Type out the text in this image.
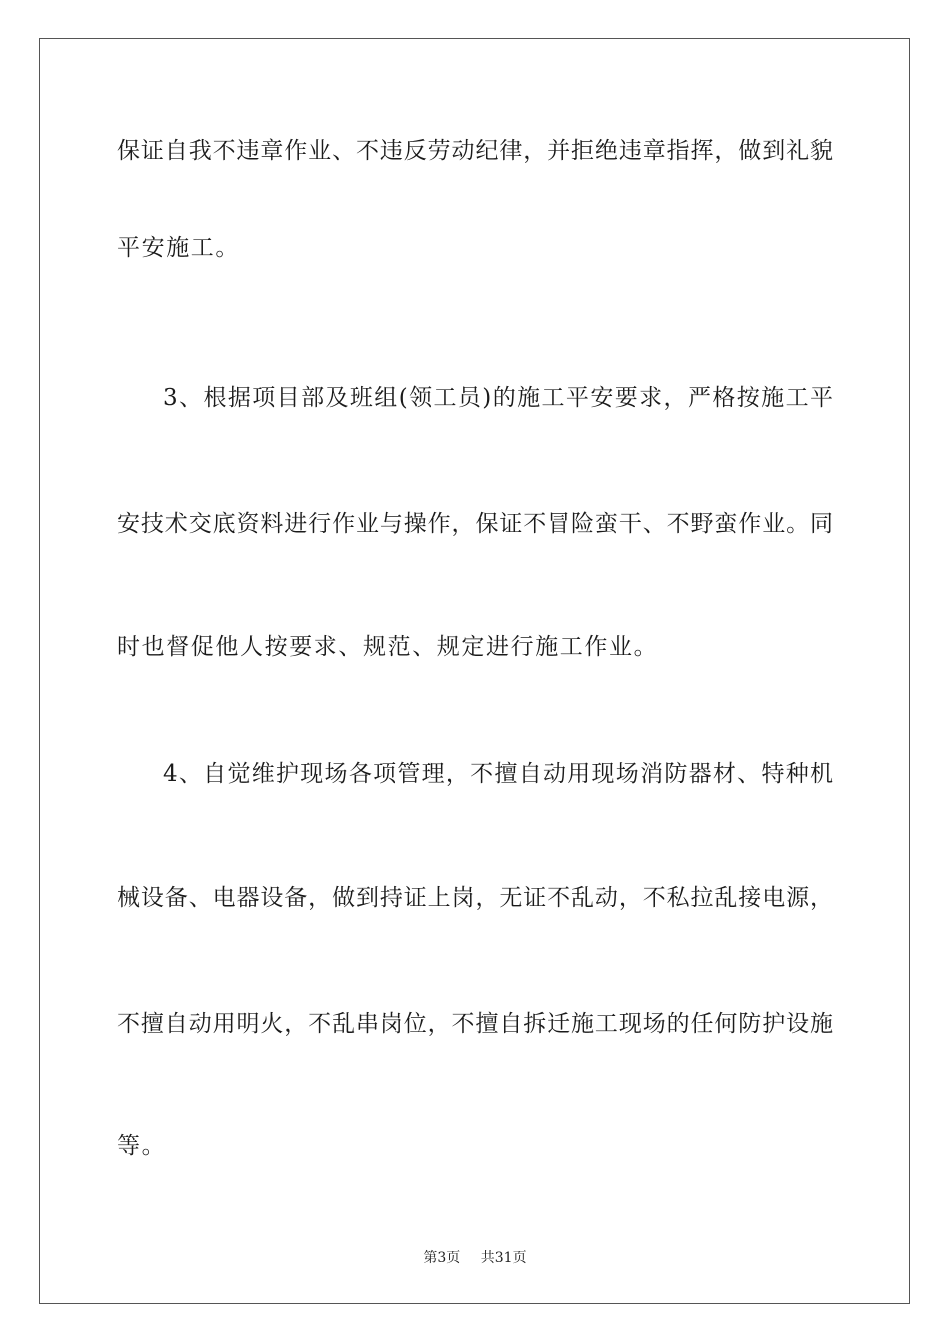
保证自我不违章作业、不违反劳动纪律，并拒绝违章指挥，做到礼貌
平安施工。
3、根据项目部及班组(领工员)的施工平安要求，严格按施工平
安技术交底资料进行作业与操作，保证不冒险蛮干、不野蛮作业。同
时也督促他人按要求、规范、规定进行施工作业。
4、自觉维护现场各项管理，不擅自动用现场消防器材、特种机
械设备、电器设备，做到持证上岗，无证不乱动，不私拉乱接电源，
不擅自动用明火，不乱串岗位，不擅自拆迁施工现场的任何防护设施
等。
第3页 共31页
